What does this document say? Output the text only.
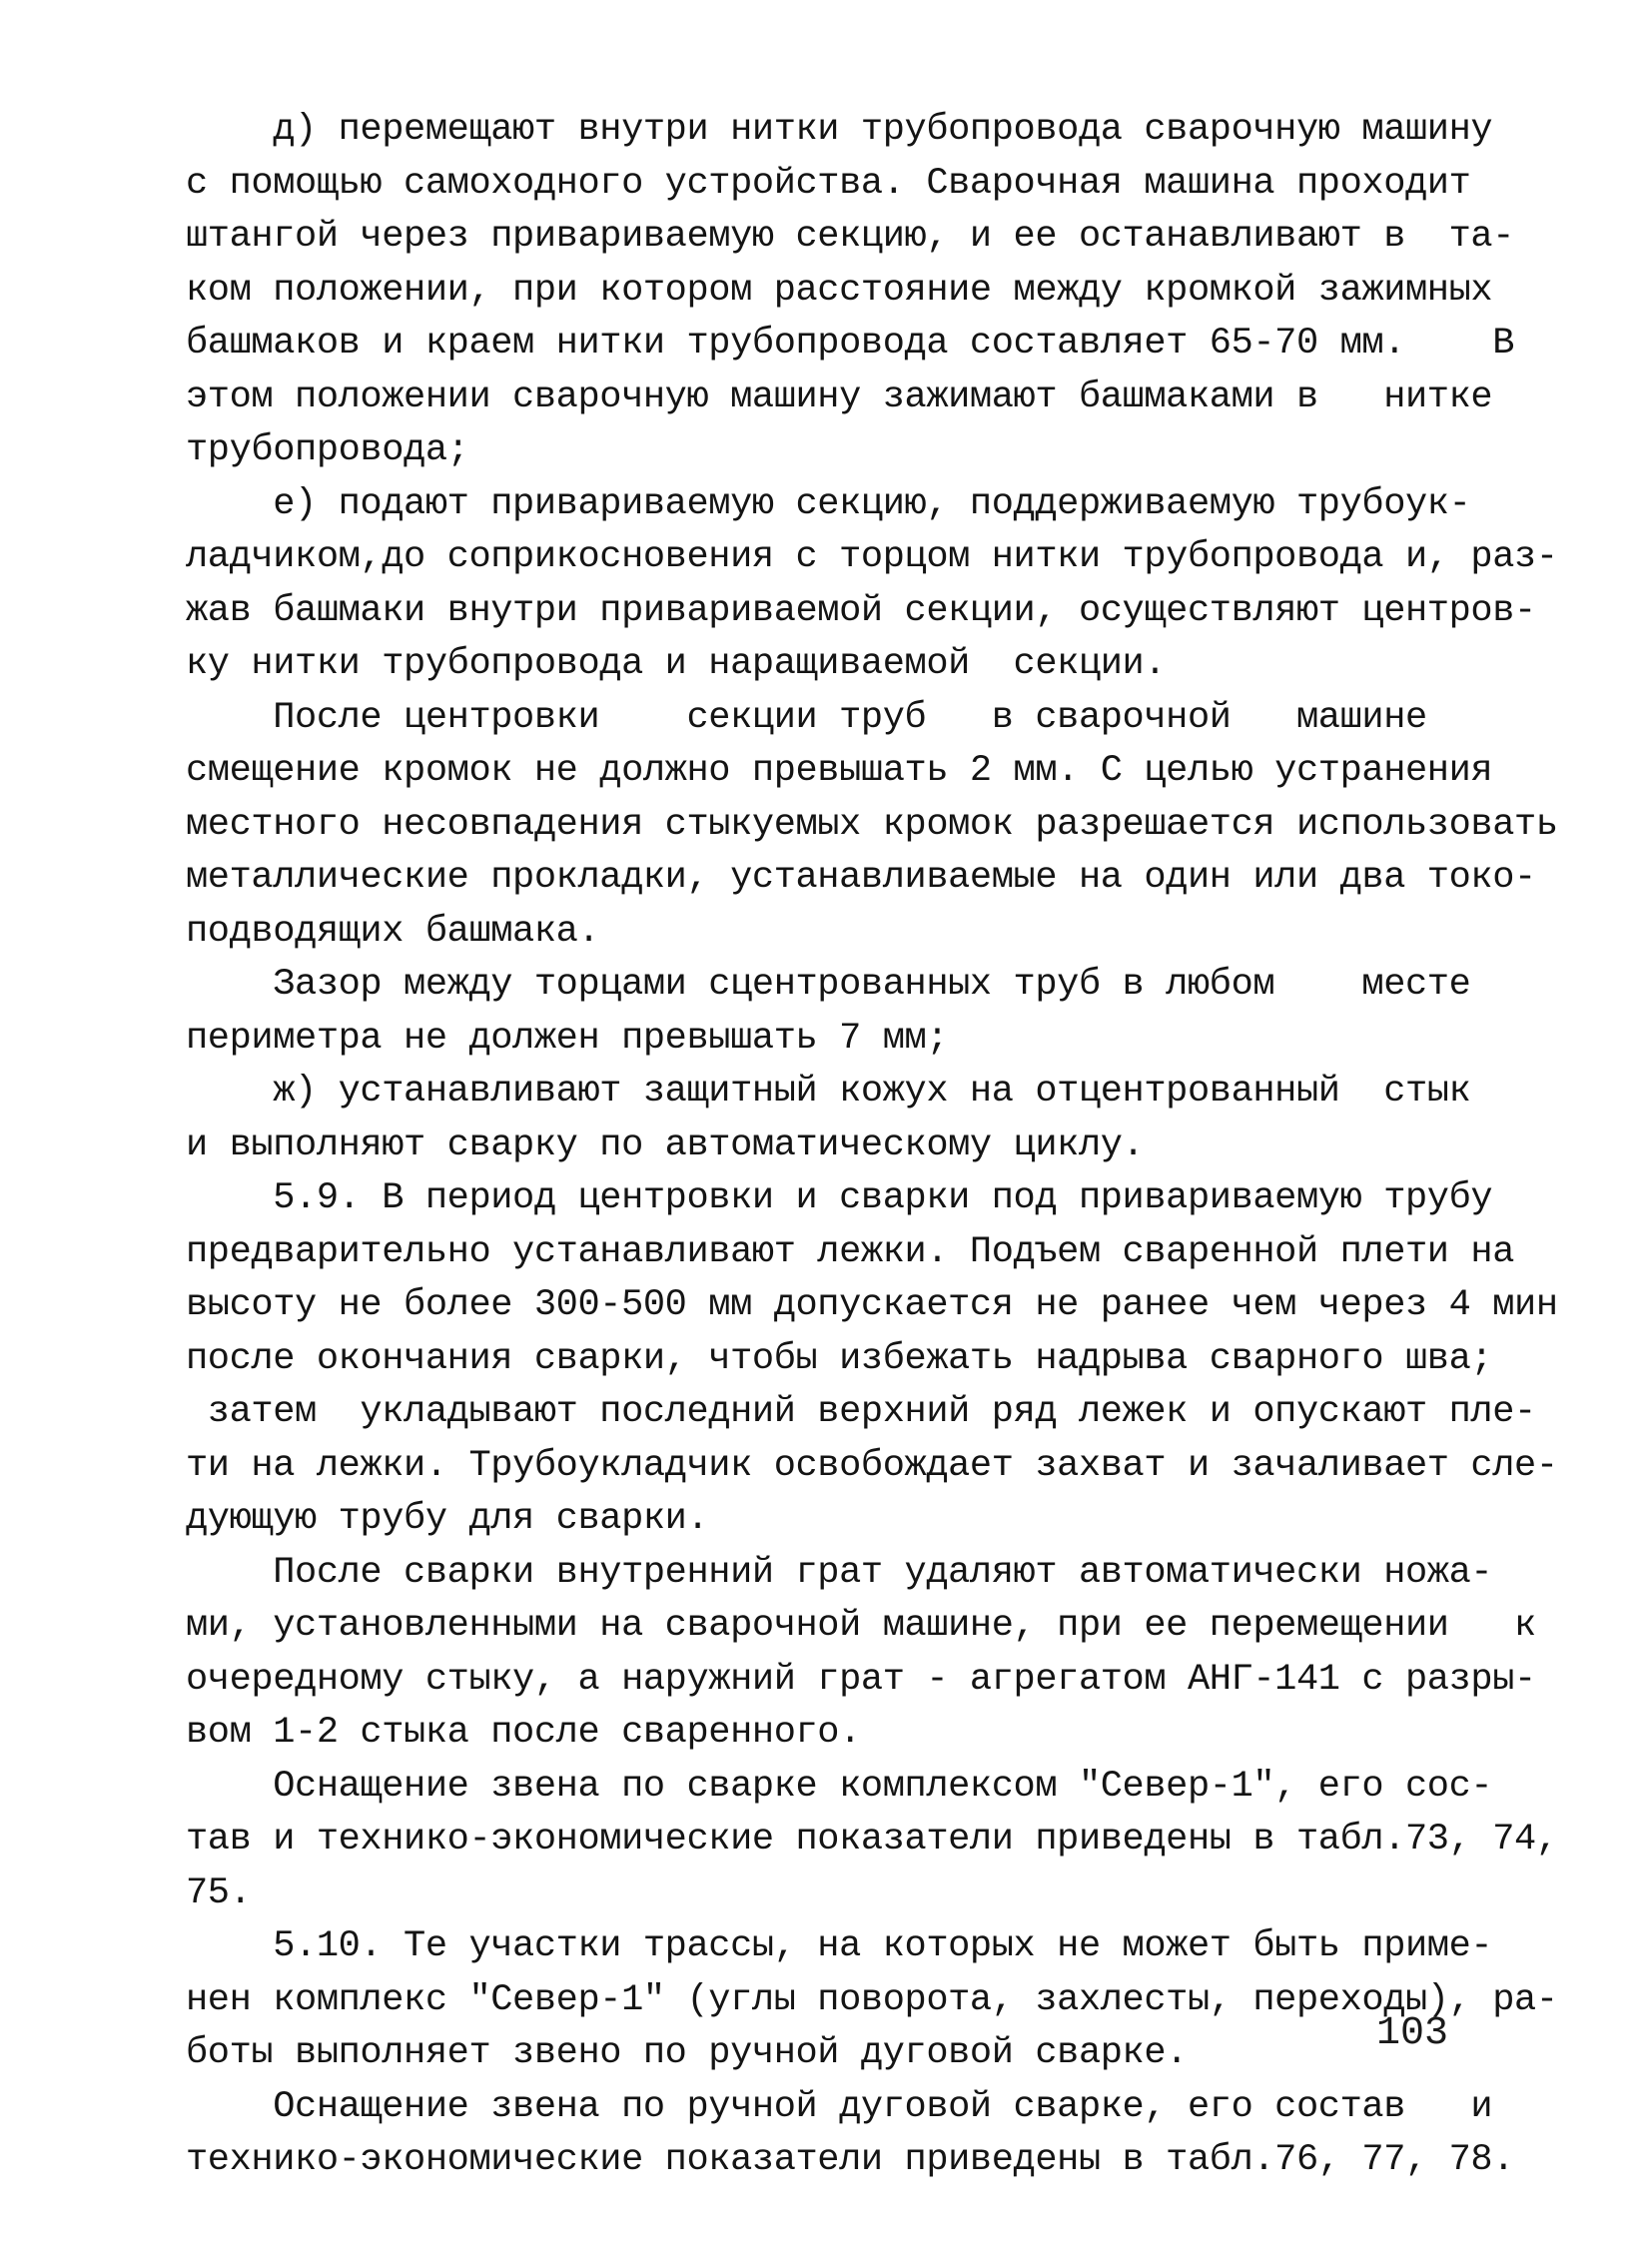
д) перемещают внутри нитки трубопровода сварочную машину
с помощью самоходного устройства. Сварочная машина проходит
штангой через привариваемую секцию, и ее останавливают в  та-
ком положении, при котором расстояние между кромкой зажимных
башмаков и краем нитки трубопровода составляет 65-70 мм.    В
этом положении сварочную машину зажимают башмаками в   нитке
трубопровода;
е) подают привариваемую секцию, поддерживаемую трубоук-
ладчиком,до соприкосновения с торцом нитки трубопровода и, раз-
жав башмаки внутри привариваемой секции, осуществляют центров-
ку нитки трубопровода и наращиваемой  секции.
После центровки    секции труб   в сварочной   машине
смещение кромок не должно превышать 2 мм. С целью устранения
местного несовпадения стыкуемых кромок разрешается использовать
металлические прокладки, устанавливаемые на один или два токо-
подводящих башмака.
Зазор между торцами сцентрованных труб в любом    месте
периметра не должен превышать 7 мм;
ж) устанавливают защитный кожух на отцентрованный  стык
и выполняют сварку по автоматическому циклу.
5.9. В период центровки и сварки под привариваемую трубу
предварительно устанавливают лежки. Подъем сваренной плети на
высоту не более 300-500 мм допускается не ранее чем через 4 мин
после окончания сварки, чтобы избежать надрыва сварного шва;
затем  укладывают последний верхний ряд лежек и опускают пле-
ти на лежки. Трубоукладчик освобождает захват и зачаливает сле-
дующую трубу для сварки.
После сварки внутренний грат удаляют автоматически ножа-
ми, установленными на сварочной машине, при ее перемещении   к
очередному стыку, а наружний грат - агрегатом АНГ-141 с разры-
вом 1-2 стыка после сваренного.
Оснащение звена по сварке комплексом "Север-1", его сос-
тав и технико-экономические показатели приведены в табл.73, 74,
75.
5.10. Те участки трассы, на которых не может быть приме-
нен комплекс "Север-1" (углы поворота, захлесты, переходы), ра-
боты выполняет звено по ручной дуговой сварке.
Оснащение звена по ручной дуговой сварке, его состав   и
технико-экономические показатели приведены в табл.76, 77, 78.
103
